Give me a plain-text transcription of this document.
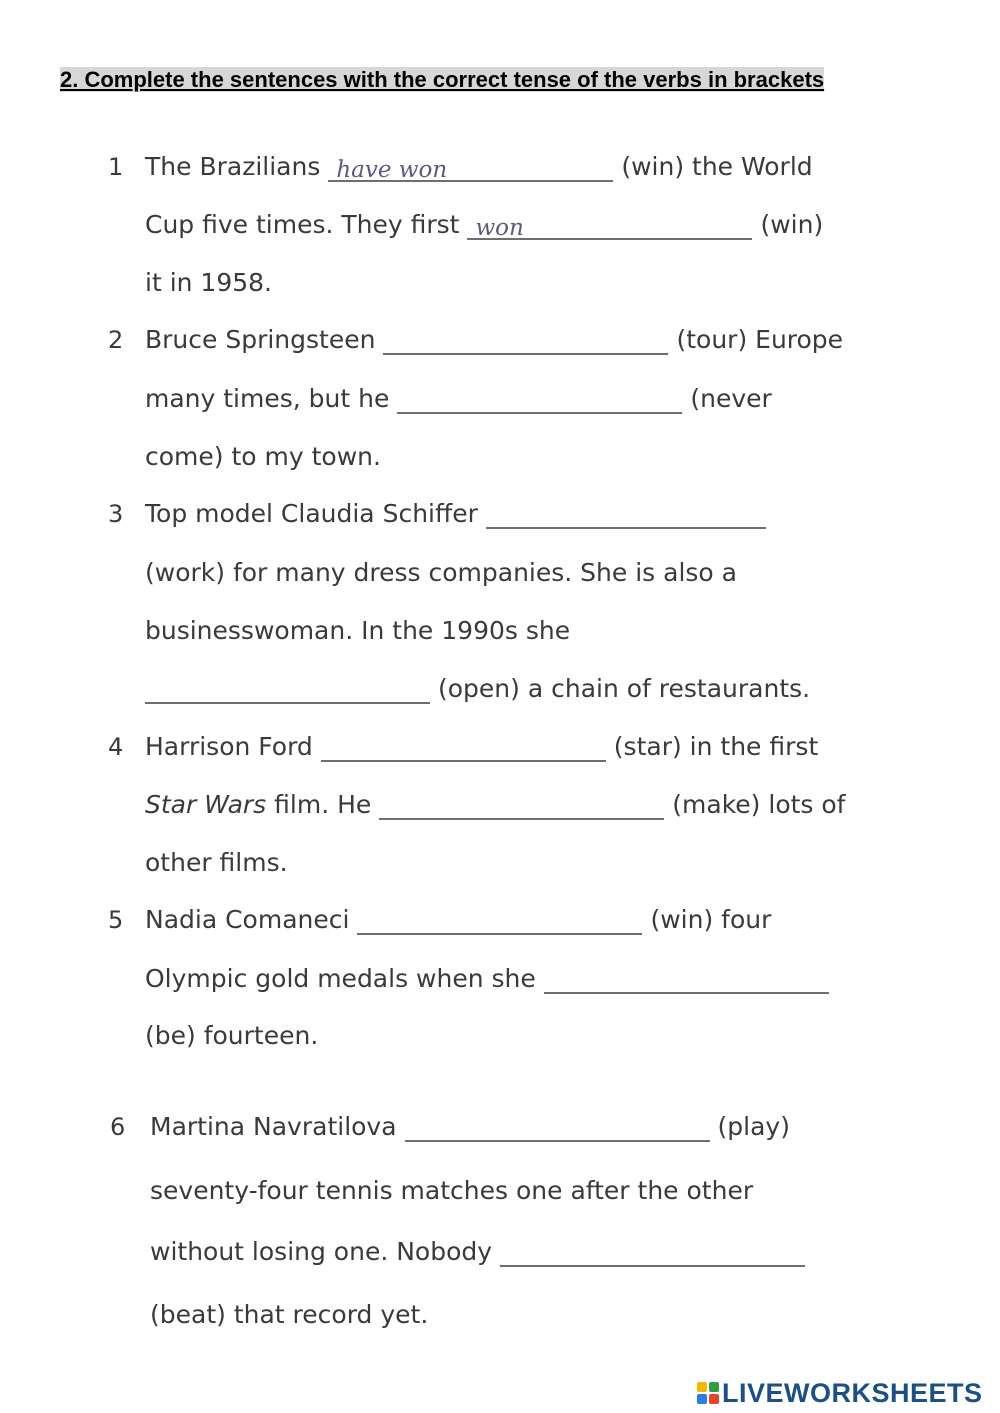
2. Complete the sentences with the correct tense of the verbs in brackets
1 The Brazilianshave won	(win) the World
Cup five times. They firstwon	(win)
it in 1958.
2 Bruce Springsteen	(tour) Europe
many times, but he	(never
come) to my town.
3 Top model Claudia Schiffer
(work) for many dress companies. She is also a
businesswoman. In the 1990s she
(open) a chain of restaurants.
4 Harrison Ford	(star) in the first
Star Wars film. He	(make) lots of
other films.
5 Nadia Comaneci	(win) four
Olympic gold medals when she
(be) fourteen.
6 Martina Navratilova	(play)
seventy-four tennis matches one after the other
without losing one. Nobody
(beat) that record yet.
LIVEWORKSHEETS
